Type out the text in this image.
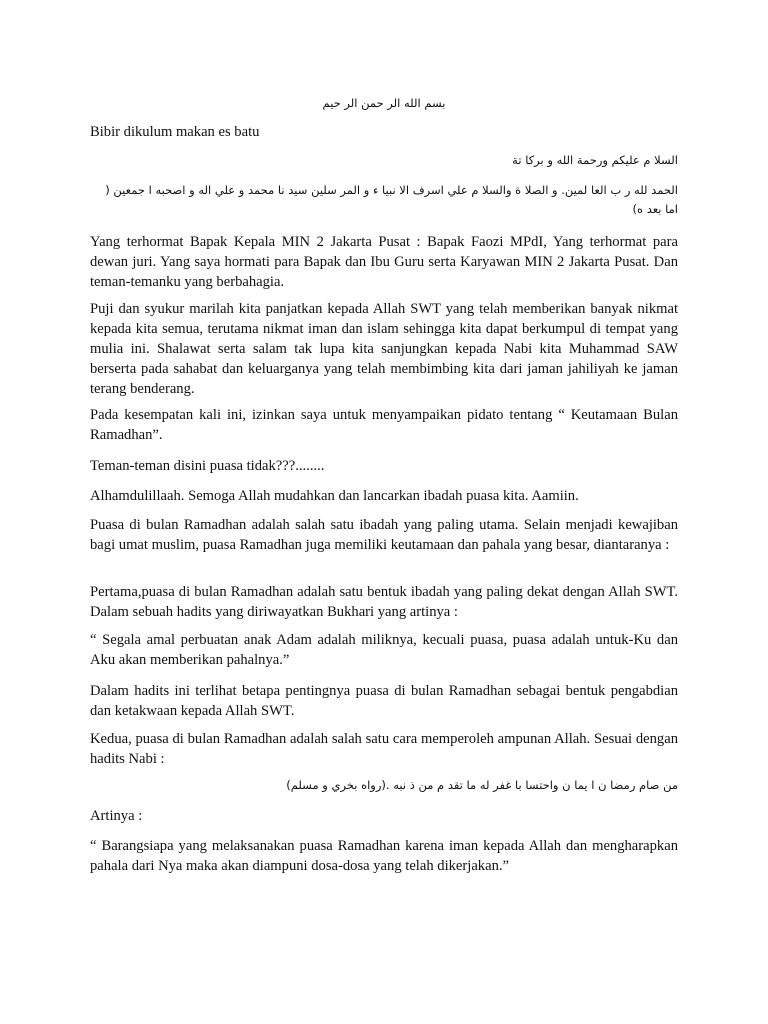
بسم الله الر حمن الر حيم

Bibir dikulum makan es batu

السلا م عليكم ورحمة الله و بركا تة

الحمد لله ر ب العا لمين. و الصلا ة والسلا م علي اسرف الا نبيا ء و المر سلين سيد نا محمد و علي اله و اصحبه ا جمعين ( اما بعد ه)

Yang terhormat Bapak Kepala MIN 2 Jakarta Pusat : Bapak Faozi MPdI, Yang terhormat para dewan juri. Yang saya hormati para Bapak dan Ibu Guru serta Karyawan MIN 2 Jakarta Pusat. Dan teman-temanku yang berbahagia.

Puji dan syukur marilah kita panjatkan kepada Allah SWT yang telah memberikan banyak nikmat kepada kita semua, terutama nikmat iman dan islam sehingga kita dapat berkumpul di tempat yang mulia ini. Shalawat serta salam tak lupa kita sanjungkan kepada Nabi kita Muhammad SAW berserta pada sahabat dan keluarganya yang telah membimbing kita dari jaman jahiliyah ke jaman terang benderang.

Pada kesempatan kali ini, izinkan saya untuk menyampaikan pidato tentang “ Keutamaan Bulan Ramadhan”.

Teman-teman disini puasa tidak???........

Alhamdulillaah. Semoga Allah mudahkan dan lancarkan ibadah puasa kita. Aamiin.

Puasa di bulan Ramadhan adalah salah satu ibadah yang paling utama. Selain menjadi kewajiban bagi umat muslim, puasa Ramadhan juga memiliki keutamaan dan pahala yang besar, diantaranya :

Pertama,puasa di bulan Ramadhan adalah satu bentuk ibadah yang paling dekat dengan Allah SWT. Dalam sebuah hadits yang diriwayatkan Bukhari yang artinya :

“ Segala amal perbuatan anak Adam adalah miliknya, kecuali puasa, puasa adalah untuk-Ku dan Aku akan memberikan pahalnya.”

Dalam hadits ini terlihat betapa pentingnya puasa di bulan Ramadhan sebagai bentuk pengabdian dan ketakwaan kepada Allah SWT.

Kedua, puasa di bulan Ramadhan adalah salah satu cara memperoleh ampunan Allah. Sesuai dengan hadits Nabi :

من صام رمضا ن ا يما ن واحتسا با غفر له ما تقد م من ذ نبه .(رواه بخري و مسلم)

Artinya :

“ Barangsiapa yang melaksanakan puasa Ramadhan karena iman kepada Allah dan mengharapkan pahala dari Nya maka akan diampuni dosa-dosa yang telah dikerjakan.”
